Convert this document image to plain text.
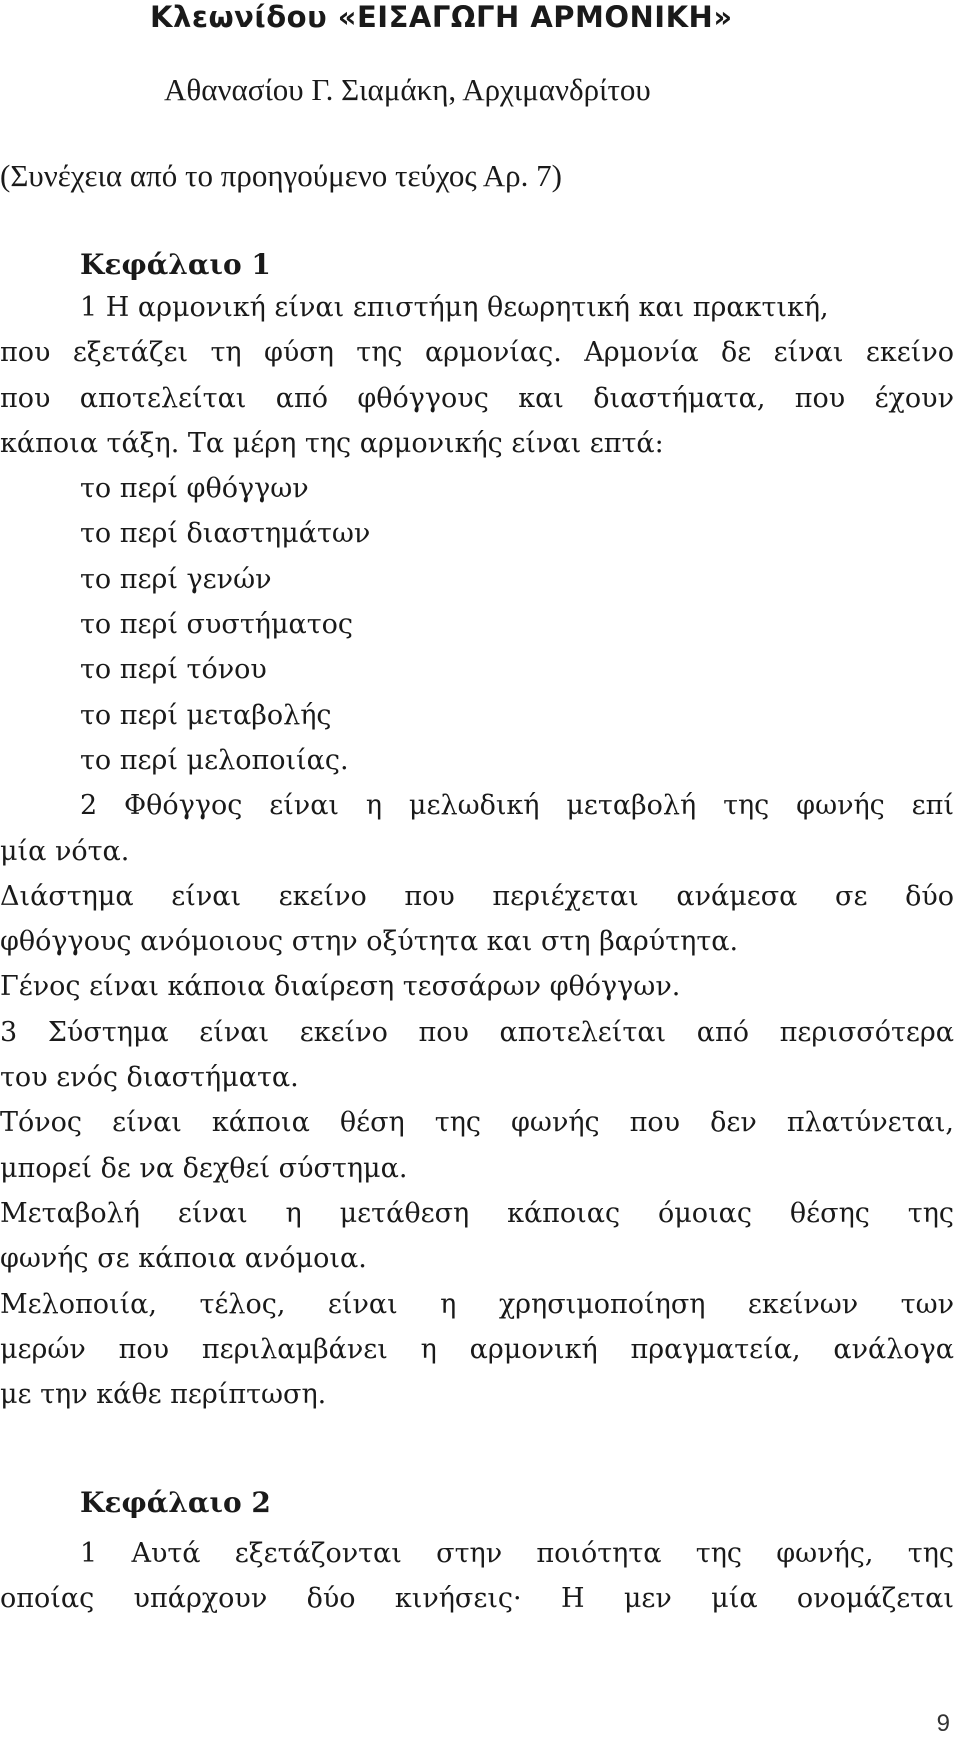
Κλεωνίδου «ΕΙΣΑΓΩΓΗ ΑΡΜΟΝΙΚΗ»
Αθανασίου Γ. Σιαμάκη, Αρχιμανδρίτου
(Συνέχεια από το προηγούμενο τεύχος Αρ. 7)
Κεφάλαιο 1
1 Η αρμονική είναι επιστήμη θεωρητική και πρακτική,
που εξετάζει τη φύση της αρμονίας. Αρμονία δε είναι εκείνο
που αποτελείται από φθόγγους και διαστήματα, που έχουν
κάποια τάξη. Τα μέρη της αρμονικής είναι επτά:
το περί φθόγγων
το περί διαστημάτων
το περί γενών
το περί συστήματος
το περί τόνου
το περί μεταβολής
το περί μελοποιίας.
2 Φθόγγος είναι η μελωδική μεταβολή της φωνής επί
μία νότα.
Διάστημα είναι εκείνο που περιέχεται ανάμεσα σε δύο
φθόγγους ανόμοιους στην οξύτητα και στη βαρύτητα.
Γένος είναι κάποια διαίρεση τεσσάρων φθόγγων.
3 Σύστημα είναι εκείνο που αποτελείται από περισσότερα
του ενός διαστήματα.
Τόνος είναι κάποια θέση της φωνής που δεν πλατύνεται,
μπορεί δε να δεχθεί σύστημα.
Μεταβολή είναι η μετάθεση κάποιας όμοιας θέσης της
φωνής σε κάποια ανόμοια.
Μελοποιία, τέλος, είναι η χρησιμοποίηση εκείνων των
μερών που περιλαμβάνει η αρμονική πραγματεία, ανάλογα
με την κάθε περίπτωση.
Κεφάλαιο 2
1 Αυτά εξετάζονται στην ποιότητα της φωνής, της
οποίας υπάρχουν δύο κινήσεις· Η μεν μία ονομάζεται
9
